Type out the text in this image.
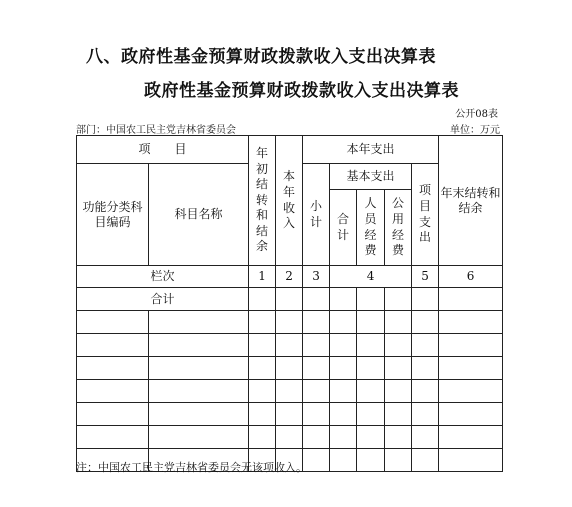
八、政府性基金预算财政拨款收入支出决算表
政府性基金预算财政拨款收入支出决算表
公开08表
部门：中国农工民主党吉林省委员会	单位：万元
项　　目		年初结转和结余	本年收入	本年支出					年末结转和结余
功能分类科目编码	科目名称			小计	基本支出			项目支出	
					合计	人员经费	公用经费		

栏次		1	2	3	4			5	6
合计									

注：中国农工民主党吉林省委员会无该项收入。
